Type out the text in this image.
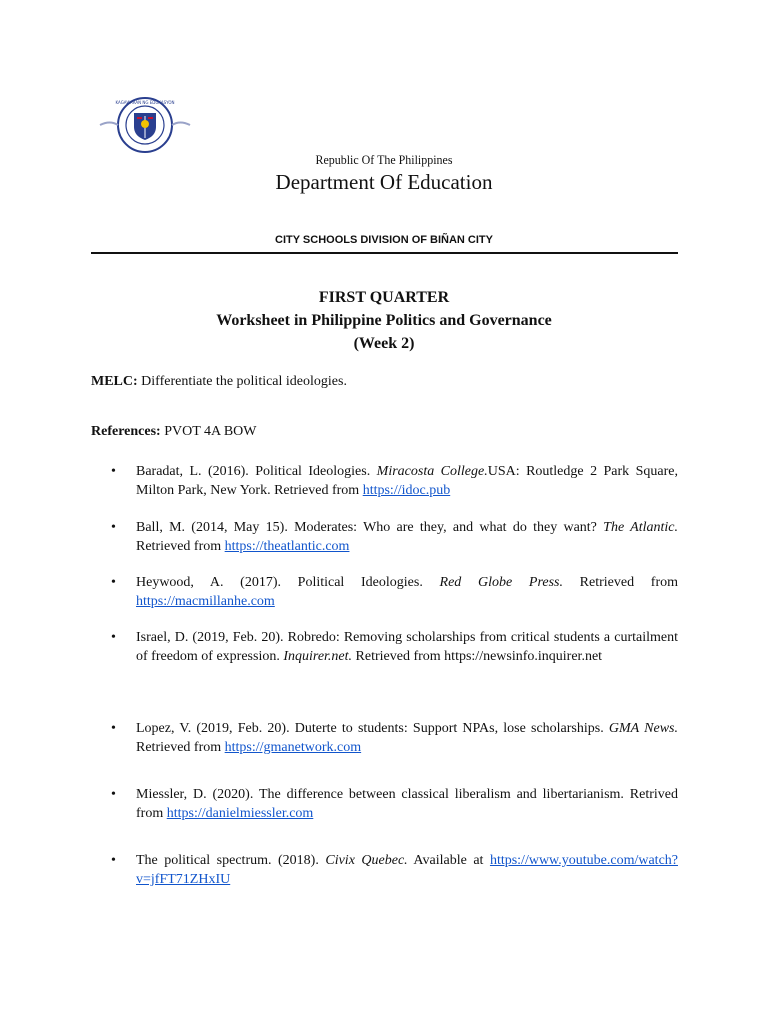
KAGAWARAN NG EDUKASYON
Republic Of The Philippines
Department Of Education
CITY SCHOOLS DIVISION OF BIÑAN CITY
FIRST QUARTER
Worksheet in Philippine Politics and Governance
(Week 2)
MELC: Differentiate the political ideologies.
References: PVOT 4A BOW
• Baradat, L. (2016). Political Ideologies. Miracosta College.USA: Routledge 2 Park Square, Milton Park, New York. Retrieved from https://idoc.pub
• Ball, M. (2014, May 15). Moderates: Who are they, and what do they want? The Atlantic. Retrieved from https://theatlantic.com
• Heywood, A. (2017). Political Ideologies. Red Globe Press. Retrieved from https://macmillanhe.com
• Israel, D. (2019, Feb. 20). Robredo: Removing scholarships from critical students a curtailment of freedom of expression. Inquirer.net. Retrieved from https://newsinfo.inquirer.net
• Lopez, V. (2019, Feb. 20). Duterte to students: Support NPAs, lose scholarships. GMA News. Retrieved from https://gmanetwork.com
• Miessler, D. (2020). The difference between classical liberalism and libertarianism. Retrived from https://danielmiessler.com
• The political spectrum. (2018). Civix Quebec. Available at https://www.youtube.com/watch?v=jfFT71ZHxIU
